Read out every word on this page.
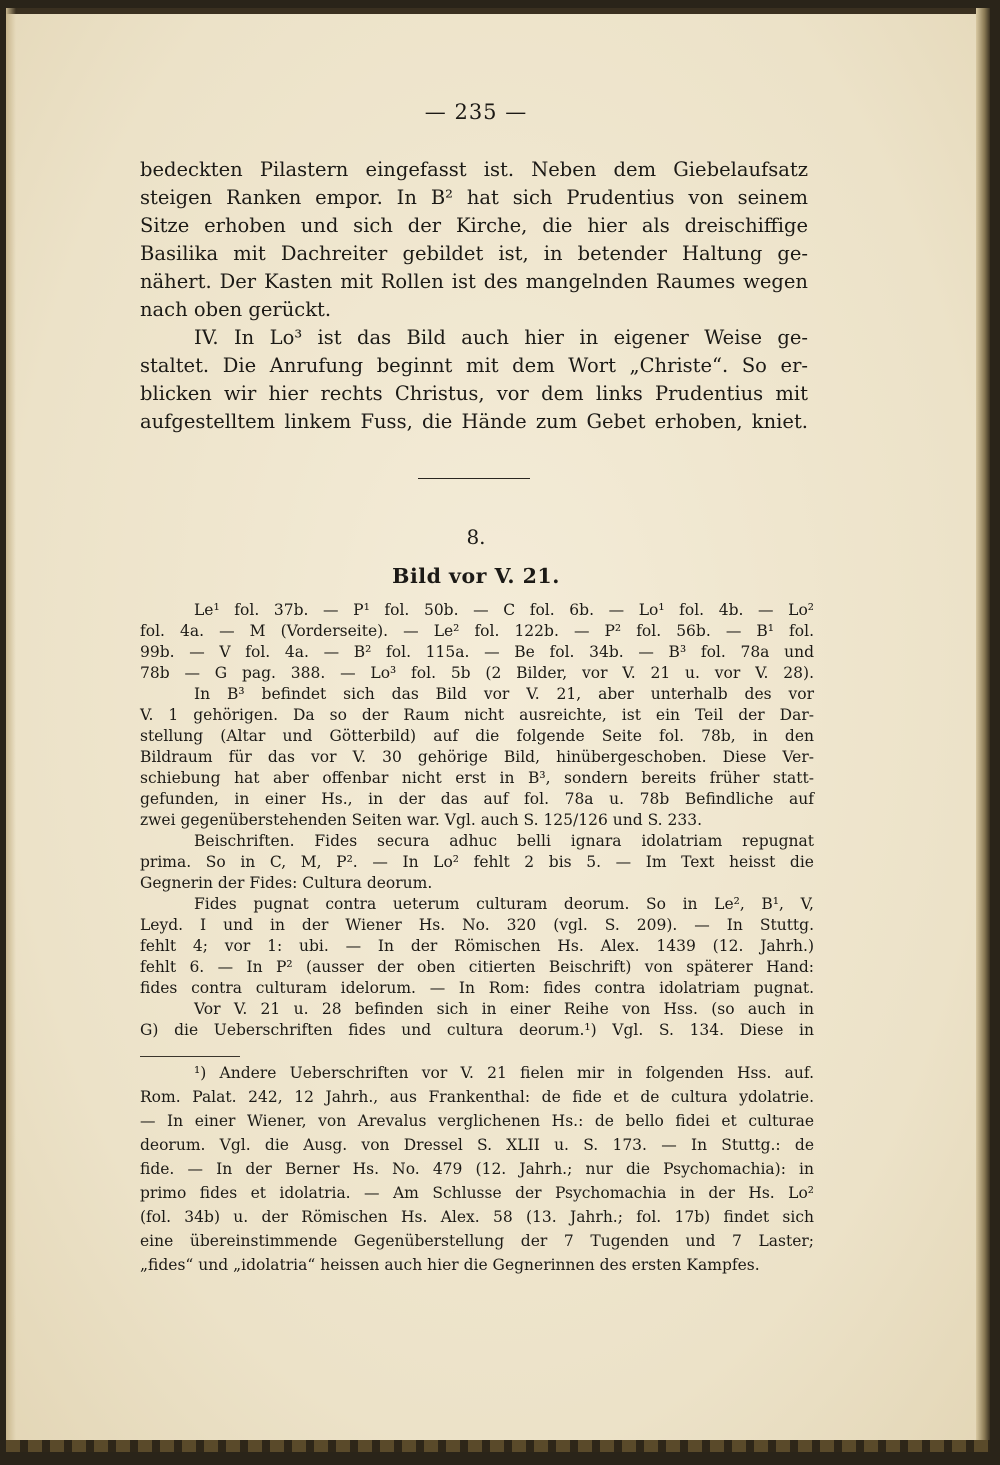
— 235 —
bedeckten Pilastern eingefasst ist. Neben dem Giebelaufsatz
steigen Ranken empor. In B² hat sich Prudentius von seinem
Sitze erhoben und sich der Kirche, die hier als dreischiffige
Basilika mit Dachreiter gebildet ist, in betender Haltung ge-
nähert. Der Kasten mit Rollen ist des mangelnden Raumes wegen
nach oben gerückt.
IV. In Lo³ ist das Bild auch hier in eigener Weise ge-
staltet. Die Anrufung beginnt mit dem Wort „Christe“. So er-
blicken wir hier rechts Christus, vor dem links Prudentius mit
aufgestelltem linkem Fuss, die Hände zum Gebet erhoben, kniet.
8.
Bild vor V. 21.
Le¹ fol. 37b. — P¹ fol. 50b. — C fol. 6b. — Lo¹ fol. 4b. — Lo²
fol. 4a. — M (Vorderseite). — Le² fol. 122b. — P² fol. 56b. — B¹ fol.
99b. — V fol. 4a. — B² fol. 115a. — Be fol. 34b. — B³ fol. 78a und
78b — G pag. 388. — Lo³ fol. 5b (2 Bilder, vor V. 21 u. vor V. 28).
In B³ befindet sich das Bild vor V. 21, aber unterhalb des vor
V. 1 gehörigen. Da so der Raum nicht ausreichte, ist ein Teil der Dar-
stellung (Altar und Götterbild) auf die folgende Seite fol. 78b, in den
Bildraum für das vor V. 30 gehörige Bild, hinübergeschoben. Diese Ver-
schiebung hat aber offenbar nicht erst in B³, sondern bereits früher statt-
gefunden, in einer Hs., in der das auf fol. 78a u. 78b Befindliche auf
zwei gegenüberstehenden Seiten war. Vgl. auch S. 125/126 und S. 233.
Beischriften. Fides secura adhuc belli ignara idolatriam repugnat
prima. So in C, M, P². — In Lo² fehlt 2 bis 5. — Im Text heisst die
Gegnerin der Fides: Cultura deorum.
Fides pugnat contra ueterum culturam deorum. So in Le², B¹, V,
Leyd. I und in der Wiener Hs. No. 320 (vgl. S. 209). — In Stuttg.
fehlt 4; vor 1: ubi. — In der Römischen Hs. Alex. 1439 (12. Jahrh.)
fehlt 6. — In P² (ausser der oben citierten Beischrift) von späterer Hand:
fides contra culturam idelorum. — In Rom: fides contra idolatriam pugnat.
Vor V. 21 u. 28 befinden sich in einer Reihe von Hss. (so auch in
G) die Ueberschriften fides und cultura deorum.¹) Vgl. S. 134. Diese in
¹) Andere Ueberschriften vor V. 21 fielen mir in folgenden Hss. auf.
Rom. Palat. 242, 12 Jahrh., aus Frankenthal: de fide et de cultura ydolatrie.
— In einer Wiener, von Arevalus verglichenen Hs.: de bello fidei et culturae
deorum. Vgl. die Ausg. von Dressel S. XLII u. S. 173. — In Stuttg.: de
fide. — In der Berner Hs. No. 479 (12. Jahrh.; nur die Psychomachia): in
primo fides et idolatria. — Am Schlusse der Psychomachia in der Hs. Lo²
(fol. 34b) u. der Römischen Hs. Alex. 58 (13. Jahrh.; fol. 17b) findet sich
eine übereinstimmende Gegenüberstellung der 7 Tugenden und 7 Laster;
„fides“ und „idolatria“ heissen auch hier die Gegnerinnen des ersten Kampfes.
